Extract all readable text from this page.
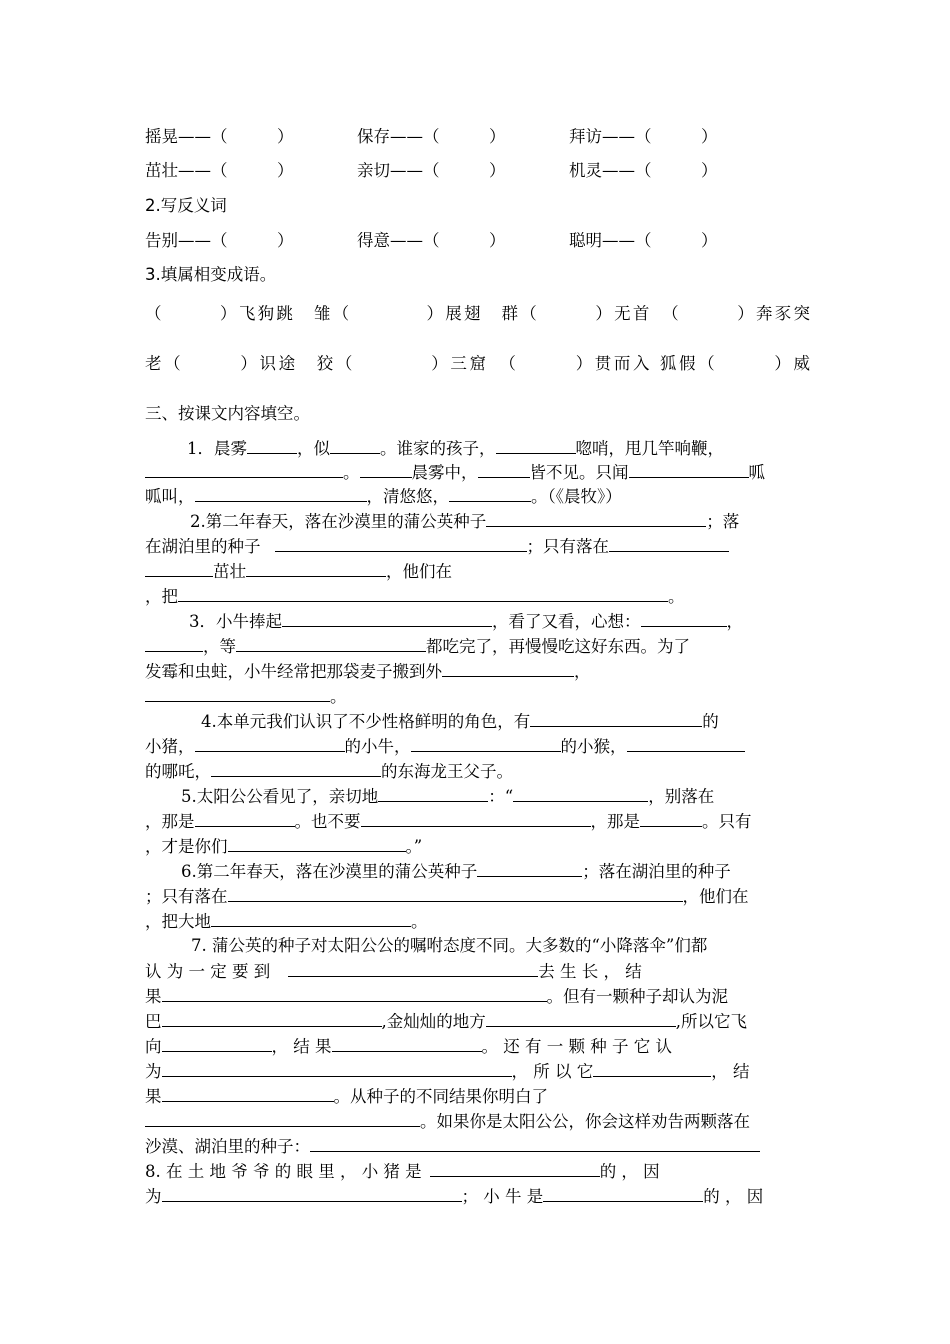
摇晃——（　　　）	保存——（　　　）	拜访——（　　　）
茁壮——（　　　）	亲切——（　　　）	机灵——（　　　）
2.写反义词
告别——（　　　）	得意——（　　　）	聪明——（　　　）
3.填属相变成语。
（　　　）飞狗跳　雏（　　　　）展翅　群（　　　）无首　（　　　）奔豕突
老（　　　）识途　狡（　　　　）三窟　（　　　）贯而入 狐假（　　　）威
三、按课文内容填空。
1．晨雾	，似	。谁家的孩子，	唿哨，甩几竿响鞭，
。	晨雾中，	皆不见。只闻	呱
呱叫，	，清悠悠，	。（《晨牧》）
2.第二年春天，落在沙漠里的蒲公英种子	；落
在湖泊里的种子	；只有落在
茁壮	，他们在
，把	。
3．小牛捧起	，看了又看，心想：	，
，等	都吃完了，再慢慢吃这好东西。为了
发霉和虫蛀，小牛经常把那袋麦子搬到外	，
。
4.本单元我们认识了不少性格鲜明的角色，有	的
小猪，	的小牛，	的小猴，
的哪吒，	的东海龙王父子。
5.太阳公公看见了，亲切地	：“	，别落在
，那是	。也不要	，那是	。只有
，才是你们	。”
6.第二年春天，落在沙漠里的蒲公英种子	；落在湖泊里的种子
；只有落在	，他们在
，把大地	。
7. 蒲公英的种子对太阳公公的嘱咐态度不同。大多数的“小降落伞”们都
认 为 一 定 要 到	去 生 长 ， 结
果	。但有一颗种子却认为泥
巴	,金灿灿的地方	,所以它飞
向	， 结 果	。 还 有 一 颗 种 子 它 认
为	， 所 以 它	， 结
果	。从种子的不同结果你明白了
。如果你是太阳公公，你会这样劝告两颗落在
沙漠、湖泊里的种子：
8. 在 土 地 爷 爷 的 眼 里 ， 小 猪 是	的 ， 因
为	； 小 牛 是	的 ， 因
